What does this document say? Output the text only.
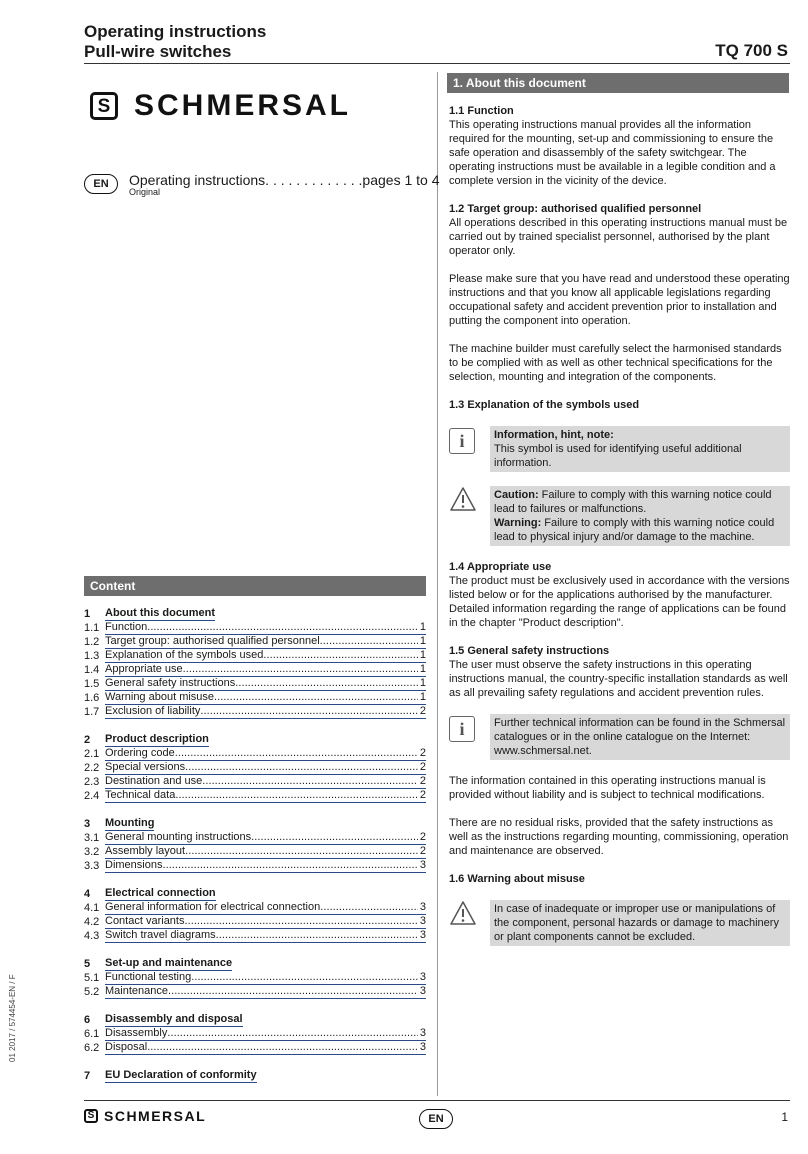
Operating instructions
Pull-wire switches	TQ 700 S
S SCHMERSAL
EN	Operating instructions. . . . . . . . . . . . .pages 1 to 4
Original
Content
1	About this document
1.1 Function . . .	1
1.2 Target group: authorised qualified personnel . . .	1
1.3 Explanation of the symbols used . . .	1
1.4 Appropriate use . . .	1
1.5 General safety instructions . . .	1
1.6 Warning about misuse . . .	1
1.7 Exclusion of liability . . .	2
2	Product description
2.1 Ordering code . . .	2
2.2 Special versions . . .	2
2.3 Destination and use . . .	2
2.4 Technical data . . .	2
3	Mounting
3.1 General mounting instructions . . .	2
3.2 Assembly layout . . .	2
3.3 Dimensions . . .	3
4	Electrical connection
4.1 General information for electrical connection . . .	3
4.2 Contact variants . . .	3
4.3 Switch travel diagrams . . .	3
5	Set-up and maintenance
5.1 Functional testing . . .	3
5.2 Maintenance . . .	3
6	Disassembly and disposal
6.1 Disassembly . . .	3
6.2 Disposal . . .	3
7	EU Declaration of conformity
1. About this document
1.1 Function
This operating instructions manual provides all the information required for the mounting, set-up and commissioning to ensure the safe operation and disassembly of the safety switchgear. The operating instructions must be available in a legible condition and a complete version in the vicinity of the device.
1.2 Target group: authorised qualified personnel
All operations described in this operating instructions manual must be carried out by trained specialist personnel, authorised by the plant operator only.
Please make sure that you have read and understood these operating instructions and that you know all applicable legislations regarding occupational safety and accident prevention prior to installation and putting the component into operation.
The machine builder must carefully select the harmonised standards to be complied with as well as other technical specifications for the selection, mounting and integration of the components.
1.3 Explanation of the symbols used
i	Information, hint, note:
This symbol is used for identifying useful additional information.
Caution: Failure to comply with this warning notice could lead to failures or malfunctions.
Warning: Failure to comply with this warning notice could lead to physical injury and/or damage to the machine.
1.4 Appropriate use
The product must be exclusively used in accordance with the versions listed below or for the applications authorised by the manufacturer. Detailed information regarding the range of applications can be found in the chapter "Product description".
1.5 General safety instructions
The user must observe the safety instructions in this operating instructions manual, the country-specific installation standards as well as all prevailing safety regulations and accident prevention rules.
i	Further technical information can be found in the Schmersal catalogues or in the online catalogue on the Internet: www.schmersal.net.
The information contained in this operating instructions manual is provided without liability and is subject to technical modifications.
There are no residual risks, provided that the safety instructions as well as the instructions regarding mounting, commissioning, operation and maintenance are observed.
1.6 Warning about misuse
In case of inadequate or improper use or manipulations of the component, personal hazards or damage to machinery or plant components cannot be excluded.
01 2017 / 574454-EN / F
S SCHMERSAL	EN	1
